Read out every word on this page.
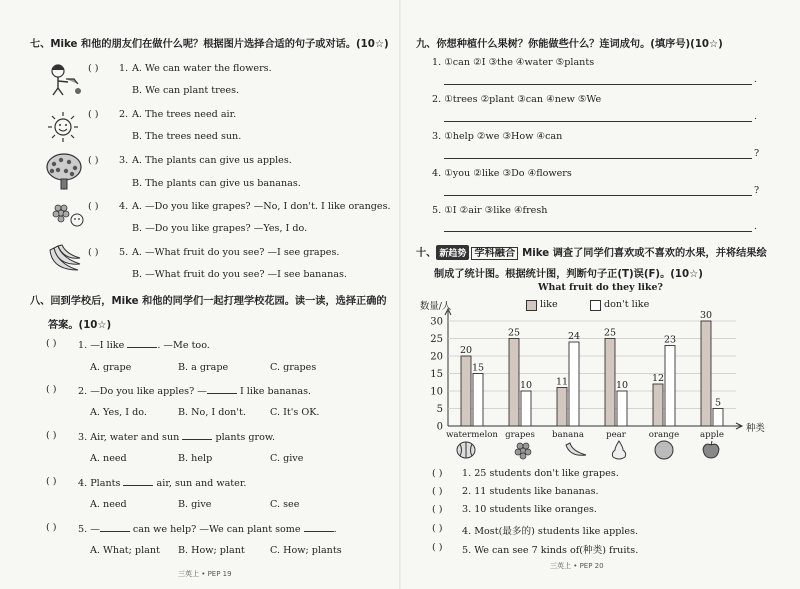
七、Mike 和他的朋友们在做什么呢？根据图片选择合适的句子或对话。(10☆)
( ) 1. A. We can water the flowers.
B. We can plant trees.
( ) 2. A. The trees need air.
B. The trees need sun.
( ) 3. A. The plants can give us apples.
B. The plants can give us bananas.
( ) 4. A. —Do you like grapes? —No, I don't. I like oranges.
B. —Do you like grapes? —Yes, I do.
( ) 5. A. —What fruit do you see? —I see grapes.
B. —What fruit do you see? —I see bananas.
八、回到学校后，Mike 和他的同学们一起打理学校花园。读一读，选择正确的
答案。(10☆)
( ) 1. —I like	. —Me too.
A. grape	B. a grape	C. grapes
( ) 2. —Do you like apples? —	I like bananas.
A. Yes, I do.	B. No, I don't.	C. It's OK.
( ) 3. Air, water and sun	plants grow.
A. need	B. help	C. give
( ) 4. Plants	air, sun and water.
A. need	B. give	C. see
( ) 5. —	can we help? —We can plant some	.
A. What; plant B. How; plant	C. How; plants
三英上 • PEP 19
九、你想种植什么果树？你能做些什么？连词成句。(填序号)(10☆)
1. ①can ②I ③the ④water ⑤plants
.
2. ①trees ②plant ③can ④new ⑤We
.
3. ①help ②we ③How ④can
?
4. ①you ②like ③Do ④flowers
?
5. ①I ②air ③like ④fresh
.
十、 新趋势 学科融合 Mike 调查了同学们喜欢或不喜欢的水果，并将结果绘
制成了统计图。根据统计图，判断句子正(T)误(F)。(10☆)
What fruit do they like?
数量/人
种类
like	don't like
0
5
10
15
20
25
30
20
15
watermelon
25
10
grapes
11
24
banana
25
10
pear
12
23
orange
30
5
apple
( ) 1. 25 students don't like grapes.
( ) 2. 11 students like bananas.
( ) 3. 10 students like oranges.
( ) 4. Most(最多的) students like apples.
( ) 5. We can see 7 kinds of(种类) fruits.
三英上 • PEP 20
